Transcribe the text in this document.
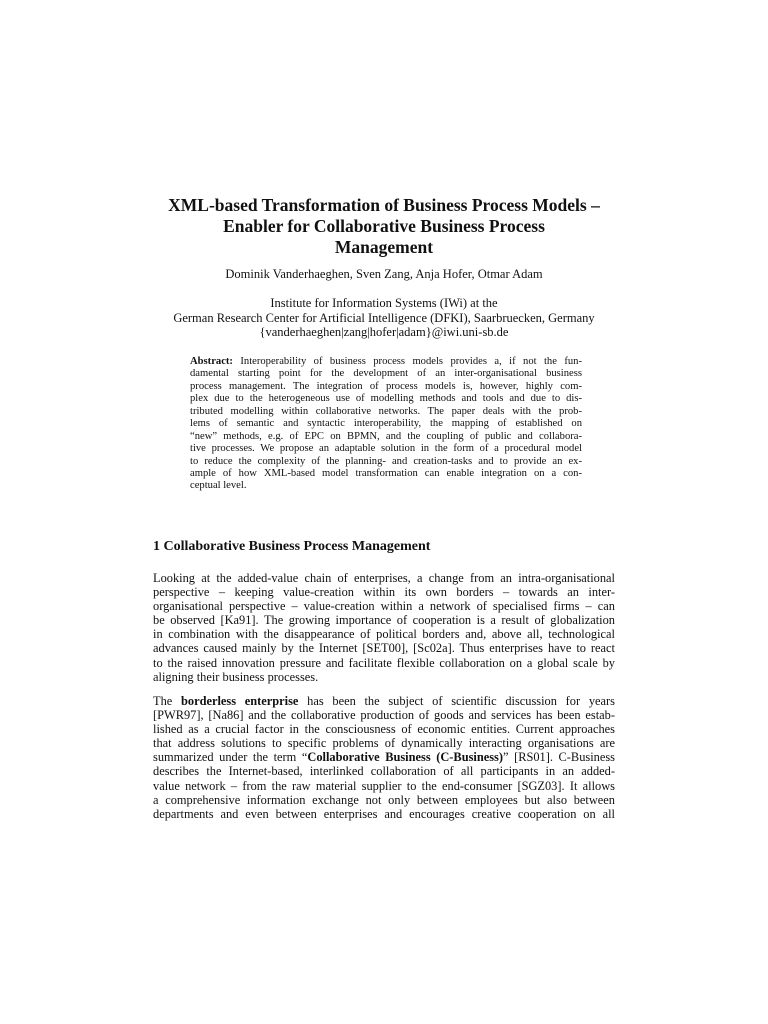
XML-based Transformation of Business Process Models –
Enabler for Collaborative Business Process
Management
Dominik Vanderhaeghen, Sven Zang, Anja Hofer, Otmar Adam
Institute for Information Systems (IWi) at the
German Research Center for Artificial Intelligence (DFKI), Saarbruecken, Germany
{vanderhaeghen|zang|hofer|adam}@iwi.uni-sb.de
Abstract: Interoperability of business process models provides a, if not the fun-
damental starting point for the development of an inter-organisational business
process management. The integration of process models is, however, highly com-
plex due to the heterogeneous use of modelling methods and tools and due to dis-
tributed modelling within collaborative networks. The paper deals with the prob-
lems of semantic and syntactic interoperability, the mapping of established on
“new” methods, e.g. of EPC on BPMN, and the coupling of public and collabora-
tive processes. We propose an adaptable solution in the form of a procedural model
to reduce the complexity of the planning- and creation-tasks and to provide an ex-
ample of how XML-based model transformation can enable integration on a con-
ceptual level.
1 Collaborative Business Process Management
Looking at the added-value chain of enterprises, a change from an intra-organisational
perspective – keeping value-creation within its own borders – towards an inter-
organisational perspective – value-creation within a network of specialised firms – can
be observed [Ka91]. The growing importance of cooperation is a result of globalization
in combination with the disappearance of political borders and, above all, technological
advances caused mainly by the Internet [SET00], [Sc02a]. Thus enterprises have to react
to the raised innovation pressure and facilitate flexible collaboration on a global scale by
aligning their business processes.
The borderless enterprise has been the subject of scientific discussion for years
[PWR97], [Na86] and the collaborative production of goods and services has been estab-
lished as a crucial factor in the consciousness of economic entities. Current approaches
that address solutions to specific problems of dynamically interacting organisations are
summarized under the term “Collaborative Business (C-Business)” [RS01]. C-Business
describes the Internet-based, interlinked collaboration of all participants in an added-
value network – from the raw material supplier to the end-consumer [SGZ03]. It allows
a comprehensive information exchange not only between employees but also between
departments and even between enterprises and encourages creative cooperation on all
